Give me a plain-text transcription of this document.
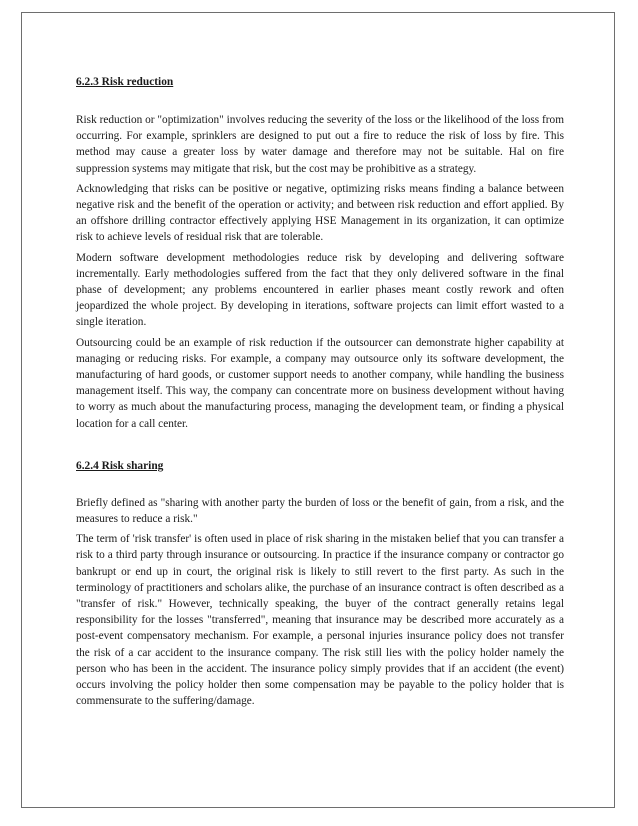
6.2.3 Risk reduction

Risk reduction or "optimization" involves reducing the severity of the loss or the likelihood of the loss from occurring. For example, sprinklers are designed to put out a fire to reduce the risk of loss by fire. This method may cause a greater loss by water damage and therefore may not be suitable. Hal on fire suppression systems may mitigate that risk, but the cost may be prohibitive as a strategy.

Acknowledging that risks can be positive or negative, optimizing risks means finding a balance between negative risk and the benefit of the operation or activity; and between risk reduction and effort applied. By an offshore drilling contractor effectively applying HSE Management in its organization, it can optimize risk to achieve levels of residual risk that are tolerable.

Modern software development methodologies reduce risk by developing and delivering software incrementally. Early methodologies suffered from the fact that they only delivered software in the final phase of development; any problems encountered in earlier phases meant costly rework and often jeopardized the whole project. By developing in iterations, software projects can limit effort wasted to a single iteration.

Outsourcing could be an example of risk reduction if the outsourcer can demonstrate higher capability at managing or reducing risks. For example, a company may outsource only its software development, the manufacturing of hard goods, or customer support needs to another company, while handling the business management itself. This way, the company can concentrate more on business development without having to worry as much about the manufacturing process, managing the development team, or finding a physical location for a call center.

6.2.4 Risk sharing

Briefly defined as "sharing with another party the burden of loss or the benefit of gain, from a risk, and the measures to reduce a risk."

The term of 'risk transfer' is often used in place of risk sharing in the mistaken belief that you can transfer a risk to a third party through insurance or outsourcing. In practice if the insurance company or contractor go bankrupt or end up in court, the original risk is likely to still revert to the first party. As such in the terminology of practitioners and scholars alike, the purchase of an insurance contract is often described as a "transfer of risk." However, technically speaking, the buyer of the contract generally retains legal responsibility for the losses "transferred", meaning that insurance may be described more accurately as a post-event compensatory mechanism. For example, a personal injuries insurance policy does not transfer the risk of a car accident to the insurance company. The risk still lies with the policy holder namely the person who has been in the accident. The insurance policy simply provides that if an accident (the event) occurs involving the policy holder then some compensation may be payable to the policy holder that is commensurate to the suffering/damage.
